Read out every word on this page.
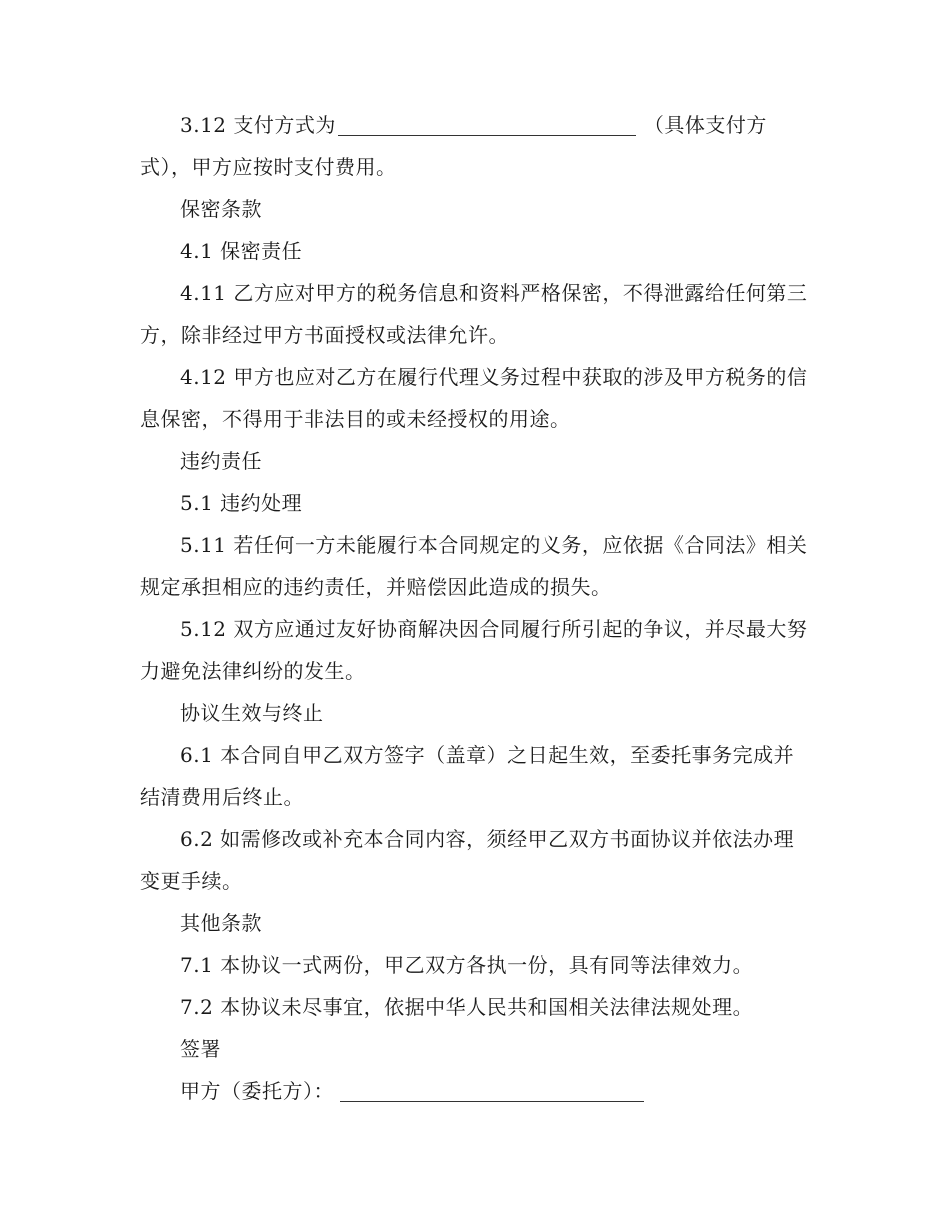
3.12 支付方式为	（具体支付方式），甲方应按时支付费用。

保密条款

4.1 保密责任

4.11 乙方应对甲方的税务信息和资料严格保密，不得泄露给任何第三方，除非经过甲方书面授权或法律允许。

4.12 甲方也应对乙方在履行代理义务过程中获取的涉及甲方税务的信息保密，不得用于非法目的或未经授权的用途。

违约责任

5.1 违约处理

5.11 若任何一方未能履行本合同规定的义务，应依据《合同法》相关规定承担相应的违约责任，并赔偿因此造成的损失。

5.12 双方应通过友好协商解决因合同履行所引起的争议，并尽最大努力避免法律纠纷的发生。

协议生效与终止

6.1 本合同自甲乙双方签字（盖章）之日起生效，至委托事务完成并结清费用后终止。

6.2 如需修改或补充本合同内容，须经甲乙双方书面协议并依法办理变更手续。

其他条款

7.1 本协议一式两份，甲乙双方各执一份，具有同等法律效力。

7.2 本协议未尽事宜，依据中华人民共和国相关法律法规处理。

签署

甲方（委托方）：
